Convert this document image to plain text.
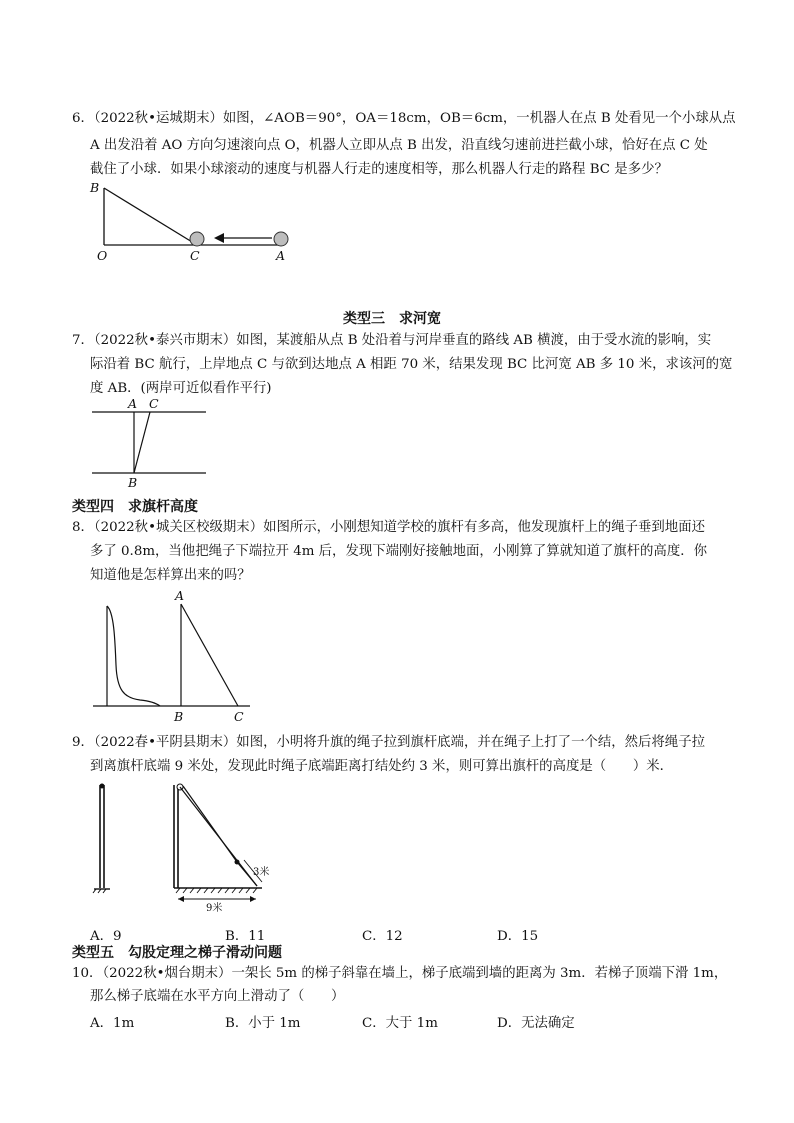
6．（2022秋•运城期末）如图，∠AOB＝90°，OA＝18cm，OB＝6cm，一机器人在点 B 处看见一个小球从点
A 出发沿着 AO 方向匀速滚向点 O，机器人立即从点 B 出发，沿直线匀速前进拦截小球，恰好在点 C 处
截住了小球．如果小球滚动的速度与机器人行走的速度相等，那么机器人行走的路程 BC 是多少？
B
O	C	A
类型三　求河宽
7．（2022秋•泰兴市期末）如图，某渡船从点 B 处沿着与河岸垂直的路线 AB 横渡，由于受水流的影响，实
际沿着 BC 航行，上岸地点 C 与欲到达地点 A 相距 70 米，结果发现 BC 比河宽 AB 多 10 米，求该河的宽
度 AB．(两岸可近似看作平行)
A C
B
类型四　求旗杆高度
8．（2022秋•城关区校级期末）如图所示，小刚想知道学校的旗杆有多高，他发现旗杆上的绳子垂到地面还
多了 0.8m，当他把绳子下端拉开 4m 后，发现下端刚好接触地面，小刚算了算就知道了旗杆的高度．你
知道他是怎样算出来的吗？
A
B	C
9．（2022春•平阴县期末）如图，小明将升旗的绳子拉到旗杆底端，并在绳子上打了一个结，然后将绳子拉
到离旗杆底端 9 米处，发现此时绳子底端距离打结处约 3 米，则可算出旗杆的高度是（　　）米．
3米
9米
A．9	B．11	C．12	D．15
类型五　勾股定理之梯子滑动问题
10．（2022秋•烟台期末）一架长 5m 的梯子斜靠在墙上，梯子底端到墙的距离为 3m．若梯子顶端下滑 1m，
那么梯子底端在水平方向上滑动了（　　）
A．1m	B．小于 1m	C．大于 1m	D．无法确定
